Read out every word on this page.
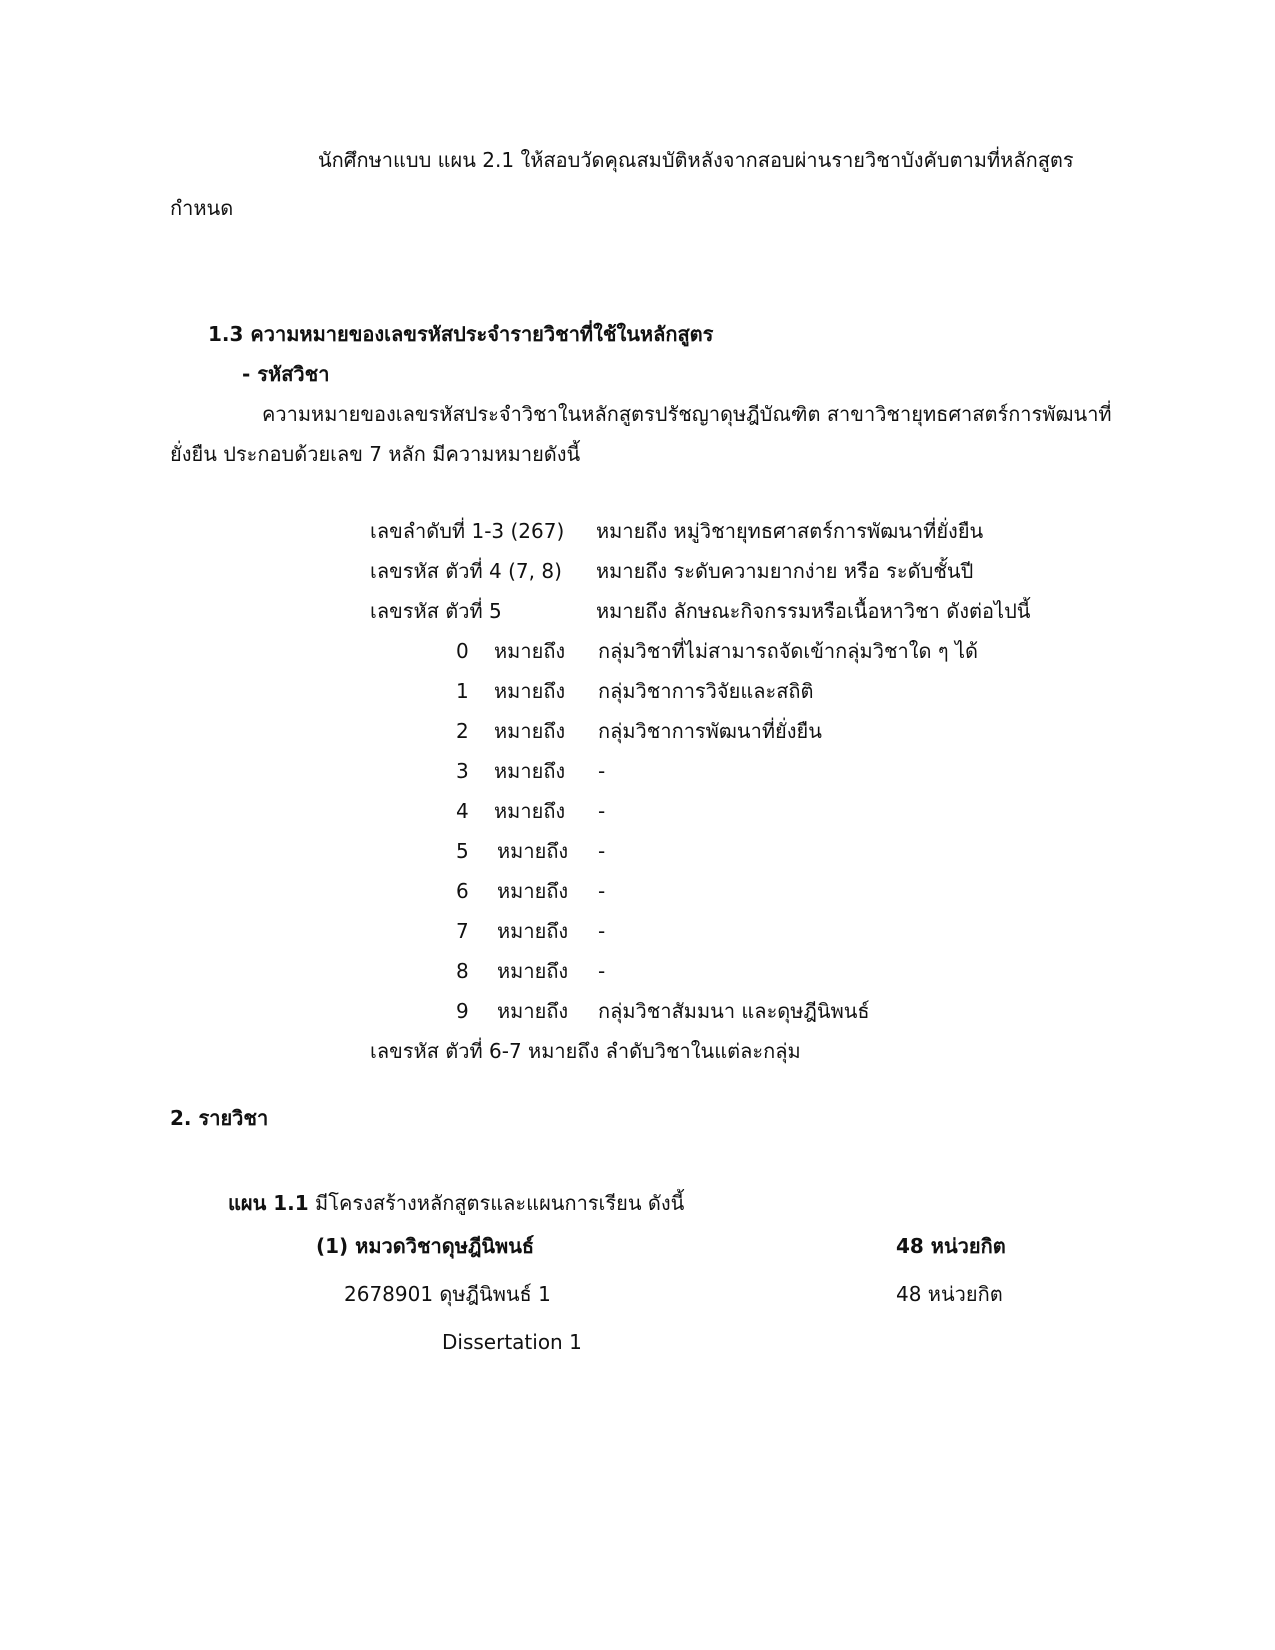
นักศึกษาแบบ แผน 2.1 ให้สอบวัดคุณสมบัติหลังจากสอบผ่านรายวิชาบังคับตามที่หลักสูตร
กำหนด
1.3 ความหมายของเลขรหัสประจำรายวิชาที่ใช้ในหลักสูตร
- รหัสวิชา
ความหมายของเลขรหัสประจำวิชาในหลักสูตรปรัชญาดุษฎีบัณฑิต สาขาวิชายุทธศาสตร์การพัฒนาที่
ยั่งยืน ประกอบด้วยเลข 7 หลัก มีความหมายดังนี้
เลขลำดับที่ 1-3 (267) หมายถึง หมู่วิชายุทธศาสตร์การพัฒนาที่ยั่งยืน
เลขรหัส ตัวที่ 4 (7, 8) หมายถึง ระดับความยากง่าย หรือ ระดับชั้นปี
เลขรหัส ตัวที่ 5	หมายถึง ลักษณะกิจกรรมหรือเนื้อหาวิชา ดังต่อไปนี้
0 หมายถึง กลุ่มวิชาที่ไม่สามารถจัดเข้ากลุ่มวิชาใด ๆ ได้
1 หมายถึง กลุ่มวิชาการวิจัยและสถิติ
2 หมายถึง กลุ่มวิชาการพัฒนาที่ยั่งยืน
3 หมายถึง -
4 หมายถึง -
5 หมายถึง -
6 หมายถึง -
7 หมายถึง -
8 หมายถึง -
9 หมายถึง กลุ่มวิชาสัมมนา และดุษฎีนิพนธ์
เลขรหัส ตัวที่ 6-7 หมายถึง ลำดับวิชาในแต่ละกลุ่ม
2. รายวิชา
แผน 1.1 มีโครงสร้างหลักสูตรและแผนการเรียน ดังนี้
(1) หมวดวิชาดุษฎีนิพนธ์	48 หน่วยกิต
2678901 ดุษฎีนิพนธ์ 1	48 หน่วยกิต
Dissertation 1
